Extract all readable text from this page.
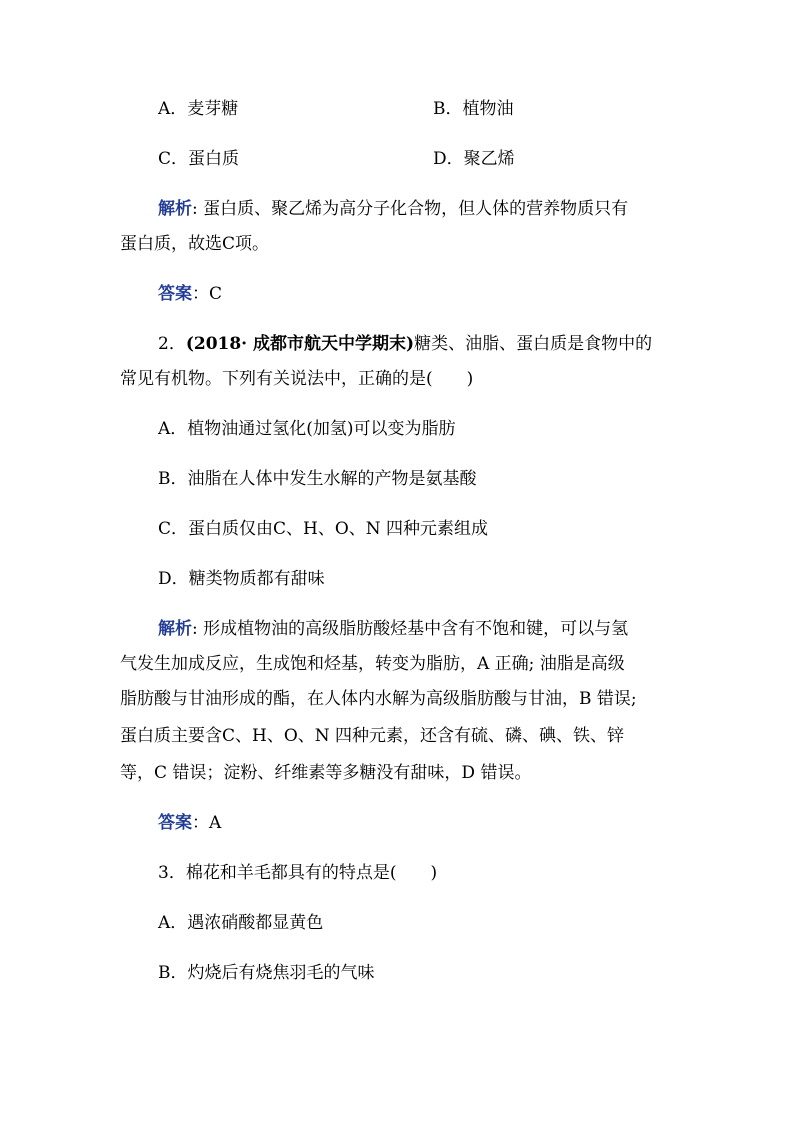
A．麦芽糖	B．植物油
C．蛋白质	D．聚乙烯
解析: 蛋白质、聚乙烯为高分子化合物，但人体的营养物质只有
蛋白质，故选C项。
答案：C
2．(2018· 成都市航天中学期末)糖类、油脂、蛋白质是食物中的
常见有机物。下列有关说法中，正确的是(　　)
A．植物油通过氢化(加氢)可以变为脂肪
B．油脂在人体中发生水解的产物是氨基酸
C．蛋白质仅由C、H、O、N 四种元素组成
D．糖类物质都有甜味
解析: 形成植物油的高级脂肪酸烃基中含有不饱和键，可以与氢
气发生加成反应，生成饱和烃基，转变为脂肪，A 正确; 油脂是高级
脂肪酸与甘油形成的酯，在人体内水解为高级脂肪酸与甘油，B 错误;
蛋白质主要含C、H、O、N 四种元素，还含有硫、磷、碘、铁、锌
等，C 错误；淀粉、纤维素等多糖没有甜味，D 错误。
答案：A
3．棉花和羊毛都具有的特点是(　　)
A．遇浓硝酸都显黄色
B．灼烧后有烧焦羽毛的气味
